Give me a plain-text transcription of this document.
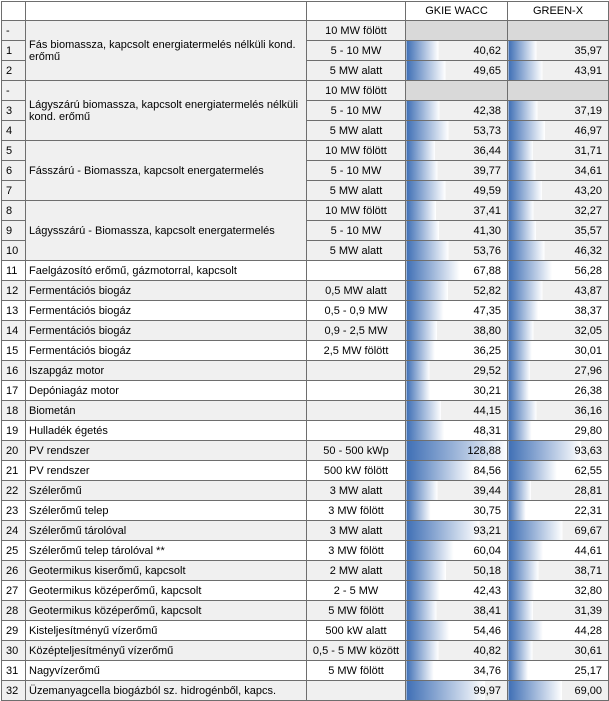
			GKIE WACC	GREEN-X
-	Fás biomassza, kapcsolt energiatermelés nélküli kond. erőmű	10 MW fölött		
1		5 - 10 MW	40,62	35,97
2		5 MW alatt	49,65	43,91
-	Lágyszárú biomassza, kapcsolt energiatermelés nélküli kond. erőmű	10 MW fölött		
3		5 - 10 MW	42,38	37,19
4		5 MW alatt	53,73	46,97
5	Fásszárú - Biomassza, kapcsolt energatermelés	10 MW fölött	36,44	31,71
6		5 - 10 MW	39,77	34,61
7		5 MW alatt	49,59	43,20
8	Lágysszárú - Biomassza, kapcsolt energatermelés	10 MW fölött	37,41	32,27
9		5 - 10 MW	41,30	35,57
10		5 MW alatt	53,76	46,32
11	Faelgázosító erőmű, gázmotorral, kapcsolt		67,88	56,28
12	Fermentációs biogáz	0,5 MW alatt	52,82	43,87
13	Fermentációs biogáz	0,5 - 0,9 MW	47,35	38,37
14	Fermentációs biogáz	0,9 - 2,5 MW	38,80	32,05
15	Fermentációs biogáz	2,5 MW fölött	36,25	30,01
16	Iszapgáz motor		29,52	27,96
17	Depóniagáz motor		30,21	26,38
18	Biometán		44,15	36,16
19	Hulladék égetés		48,31	29,80
20	PV rendszer	50 - 500 kWp	128,88	93,63
21	PV rendszer	500 kW fölött	84,56	62,55
22	Szélerőmű	3 MW alatt	39,44	28,81
23	Szélerőmű telep	3 MW fölött	30,75	22,31
24	Szélerőmű tárolóval	3 MW alatt	93,21	69,67
25	Szélerőmű telep tárolóval **	3 MW fölött	60,04	44,61
26	Geotermikus kiserőmű, kapcsolt	2 MW alatt	50,18	38,71
27	Geotermikus középerőmű, kapcsolt	2 - 5 MW	42,43	32,80
28	Geotermikus középerőmű, kapcsolt	5 MW fölött	38,41	31,39
29	Kisteljesítményű vízerőmű	500 kW alatt	54,46	44,28
30	Középteljesítményű vízerőmű	0,5 - 5 MW között	40,82	30,61
31	Nagyvízerőmű	5 MW fölött	34,76	25,17
32	Üzemanyagcella biogázból sz. hidrogénből, kapcs.		99,97	69,00
